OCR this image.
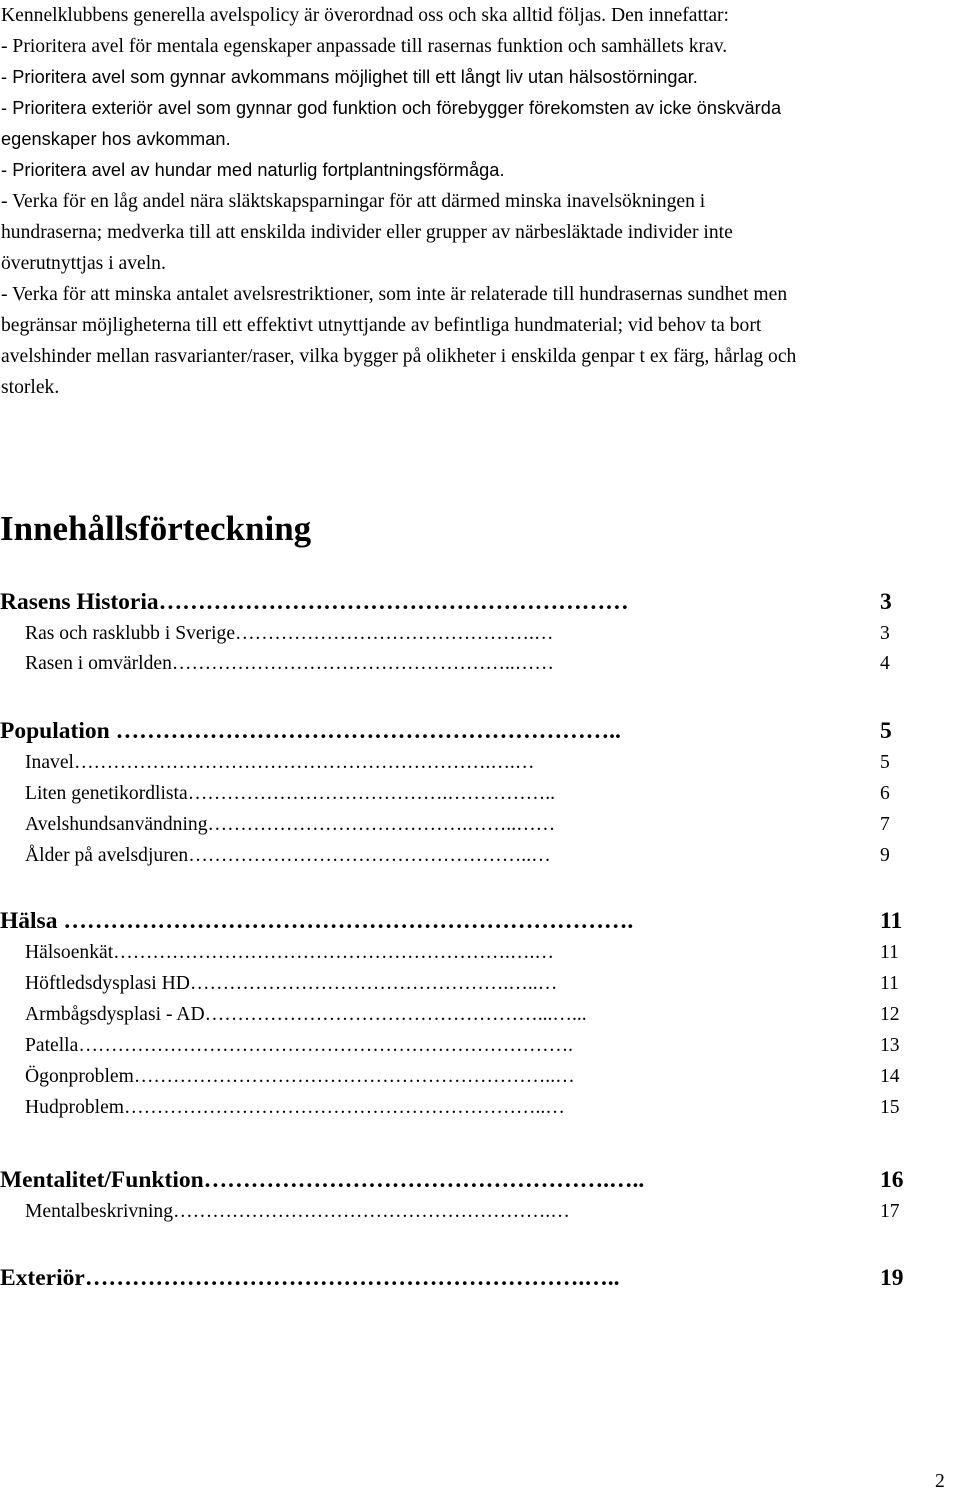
Kennelklubbens generella avelspolicy är överordnad oss och ska alltid följas. Den innefattar:
- Prioritera avel för mentala egenskaper anpassade till rasernas funktion och samhällets krav.
- Prioritera avel som gynnar avkommans möjlighet till ett långt liv utan hälsostörningar.
- Prioritera exteriör avel som gynnar god funktion och förebygger förekomsten av icke önskvärda
egenskaper hos avkomman.
- Prioritera avel av hundar med naturlig fortplantningsförmåga.
- Verka för en låg andel nära släktskapsparningar för att därmed minska inavelsökningen i
hundraserna; medverka till att enskilda individer eller grupper av närbesläktade individer inte
överutnyttjas i aveln.
- Verka för att minska antalet avelsrestriktioner, som inte är relaterade till hundrasernas sundhet men
begränsar möjligheterna till ett effektivt utnyttjande av befintliga hundmaterial; vid behov ta bort
avelshinder mellan rasvarianter/raser, vilka bygger på olikheter i enskilda genpar t ex färg, hårlag och
storlek.
Innehållsförteckning
Rasens Historia……………………………………………………	3
Ras och rasklubb i Sverige……………………………………….…	3
Rasen i omvärlden……………………………………………..……	4
Population ………………………………………………………..	5
Inavel……………………………………………………….….…	5
Liten genetikordlista………………………………….……………..	6
Avelshundsanvändning………………………………….……..……	7
Ålder på avelsdjuren……………………………………………..…	9
Hälsa ……………………………………………………………….	11
Hälsoenkät…………………………………………………….….…	11
Höftledsdysplasi HD………………………………………….…..…	11
Armbågsdysplasi - AD……………………………………………...…...	12
Patella………………………………………………………………….	13
Ögonproblem………………………………………………………..…	14
Hudproblem………………………………………………………..…	15
Mentalitet/Funktion…………………………………………….…..	16
Mentalbeskrivning………………………………………………….…	17
Exteriör……………………………………………………….…..	19
2
